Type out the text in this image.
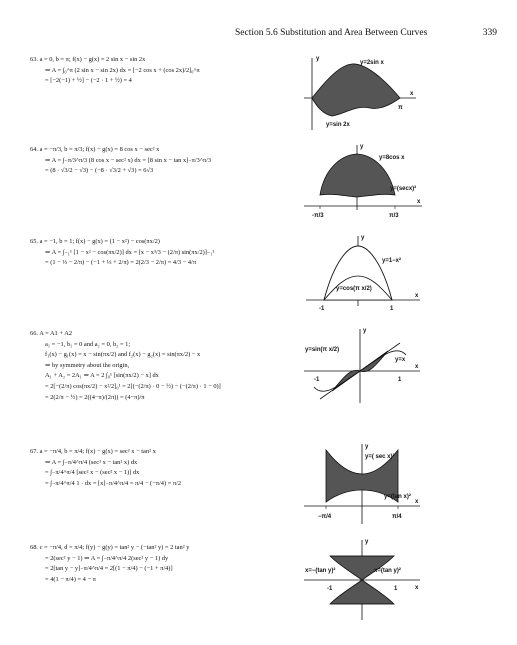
Section 5.6 Substitution and Area Between Curves	339
63. a = 0, b = π; f(x) − g(x) = 2 sin x − sin 2x
⇒ A = ∫₀^π (2 sin x − sin 2x) dx = [−2 cos x + (cos 2x)/2]₀^π
= [−2(−1) + ½] − (−2 · 1 + ½) = 4
y
y=2sin x
x
y=sin 2x
π
64. a = −π/3, b = π/3; f(x) − g(x) = 8 cos x − sec² x
⇒ A = ∫₋π/3^π/3 (8 cos x − sec² x) dx = [8 sin x − tan x]₋π/3^π/3
= (8 · √3/2 − √3) − (−8 · √3/2 + √3) = 6√3
y
y=8cos x
y=(secx)²
x
-π/3	π/3
65. a = −1, b = 1; f(x) − g(x) = (1 − x²) − cos(πx/2)
⇒ A = ∫₋₁¹ [1 − x² − cos(πx/2)] dx = [x − x³/3 − (2/π) sin(πx/2)]₋₁¹
= (1 − ⅓ − 2/π) − (−1 + ⅓ + 2/π) = 2(2/3 − 2/π) = 4/3 − 4/π
y
y=1−x²
y=cos(π x/2)
x
-1	1
66. A = A1 + A2
a₁ = −1, b₁ = 0 and a₂ = 0, b₂ = 1;
f₁(x) − g₁(x) = x − sin(πx/2) and f₂(x) − g₂(x) = sin(πx/2) − x
⇒ by symmetry about the origin,
A₁ + A₂ = 2A₁ ⇒ A = 2 ∫₀¹ [sin(πx/2) − x] dx
= 2[−(2/π) cos(πx/2) − x²/2]₀¹ = 2[(−(2/π) · 0 − ½) − (−(2/π) · 1 − 0)]
= 2(2/π − ½) = 2((4−π)/(2π)) = (4−π)/π
y
y=sin(π x/2)
y=x
x
-1	1
67. a = −π/4, b = π/4; f(x) − g(x) = sec² x − tan² x
⇒ A = ∫₋π/4^π/4 (sec² x − tan² x) dx
= ∫₋π/4^π/4 [sec² x − (sec² x − 1)] dx
= ∫₋π/4^π/4 1 · dx = [x]₋π/4^π/4 = π/4 − (−π/4) = π/2
y
y=( sec x)²
y=(tan x)²
x
−π/4	π/4
68. c = −π/4, d = π/4; f(y) − g(y) = tan² y − (−tan² y) = 2 tan² y
= 2(sec² y − 1) ⇒ A = ∫₋π/4^π/4 2(sec² y − 1) dy
= 2[tan y − y]₋π/4^π/4 = 2[(1 − π/4) − (−1 + π/4)]
= 4(1 − π/4) = 4 − π
y
x=−(tan y)²	x=(tan y)²
x
-1	1
